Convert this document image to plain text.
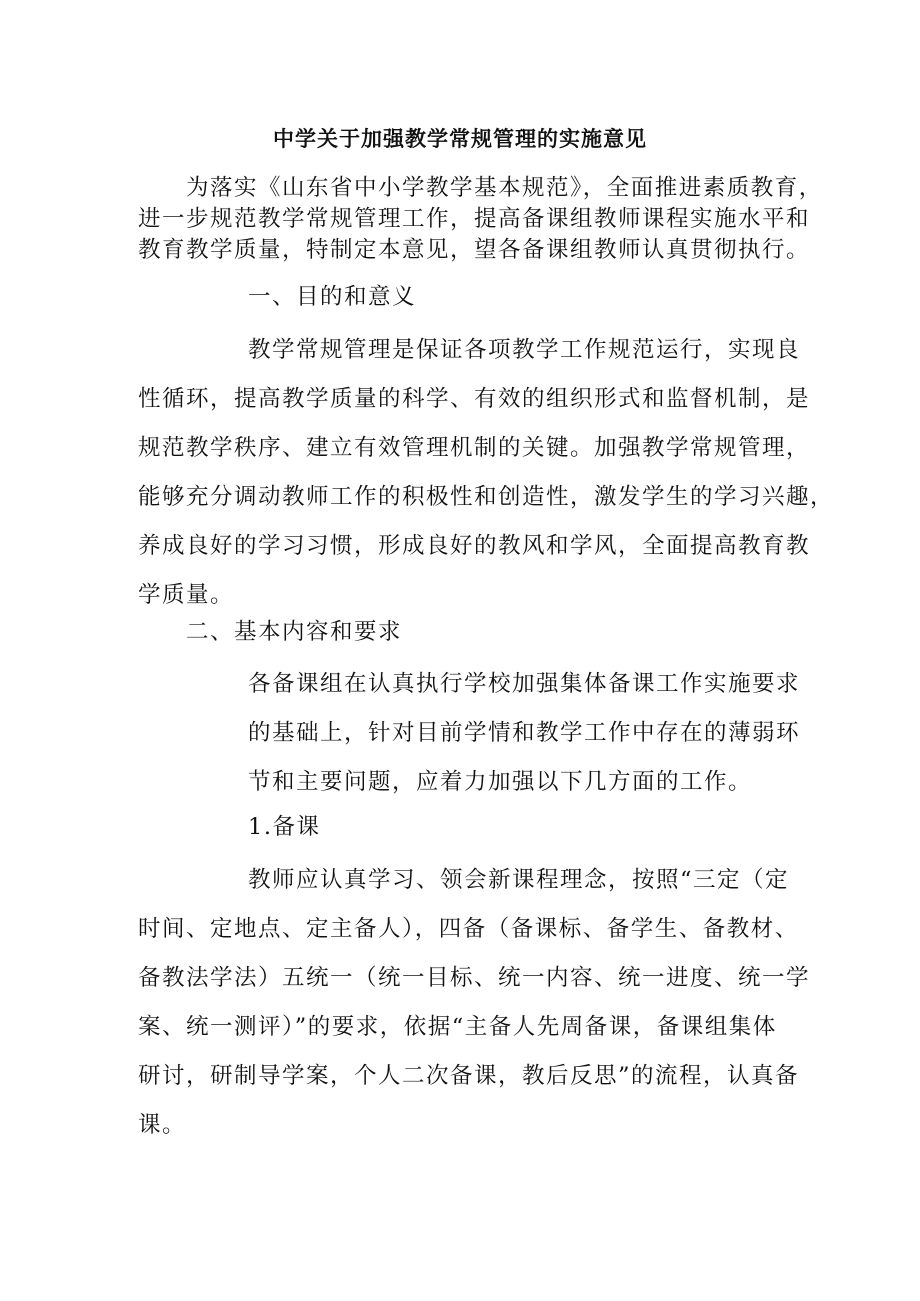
中学关于加强教学常规管理的实施意见
为落实《山东省中小学教学基本规范》，全面推进素质教育，
进一步规范教学常规管理工作，提高备课组教师课程实施水平和
教育教学质量，特制定本意见，望各备课组教师认真贯彻执行。
一、目的和意义
教学常规管理是保证各项教学工作规范运行，实现良
性循环，提高教学质量的科学、有效的组织形式和监督机制，是
规范教学秩序、建立有效管理机制的关键。加强教学常规管理，
能够充分调动教师工作的积极性和创造性，激发学生的学习兴趣，
养成良好的学习习惯，形成良好的教风和学风，全面提高教育教
学质量。
二、基本内容和要求
各备课组在认真执行学校加强集体备课工作实施要求
的基础上，针对目前学情和教学工作中存在的薄弱环
节和主要问题，应着力加强以下几方面的工作。
1.备课
教师应认真学习、领会新课程理念，按照“三定（定
时间、定地点、定主备人），四备（备课标、备学生、备教材、
备教法学法）五统一（统一目标、统一内容、统一进度、统一学
案、统一测评）”的要求，依据“主备人先周备课，备课组集体
研讨，研制导学案，个人二次备课，教后反思”的流程，认真备
课。
